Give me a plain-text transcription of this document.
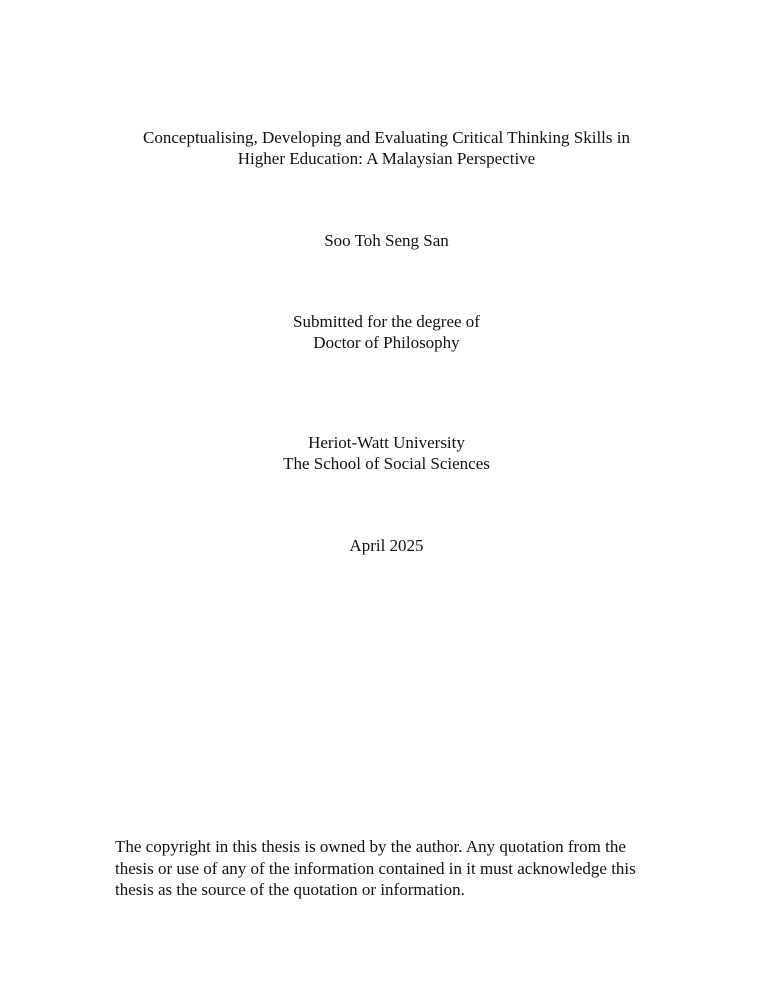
Conceptualising, Developing and Evaluating Critical Thinking Skills in
Higher Education: A Malaysian Perspective
Soo Toh Seng San
Submitted for the degree of
Doctor of Philosophy
Heriot-Watt University
The School of Social Sciences
April 2025
The copyright in this thesis is owned by the author. Any quotation from the
thesis or use of any of the information contained in it must acknowledge this
thesis as the source of the quotation or information.
